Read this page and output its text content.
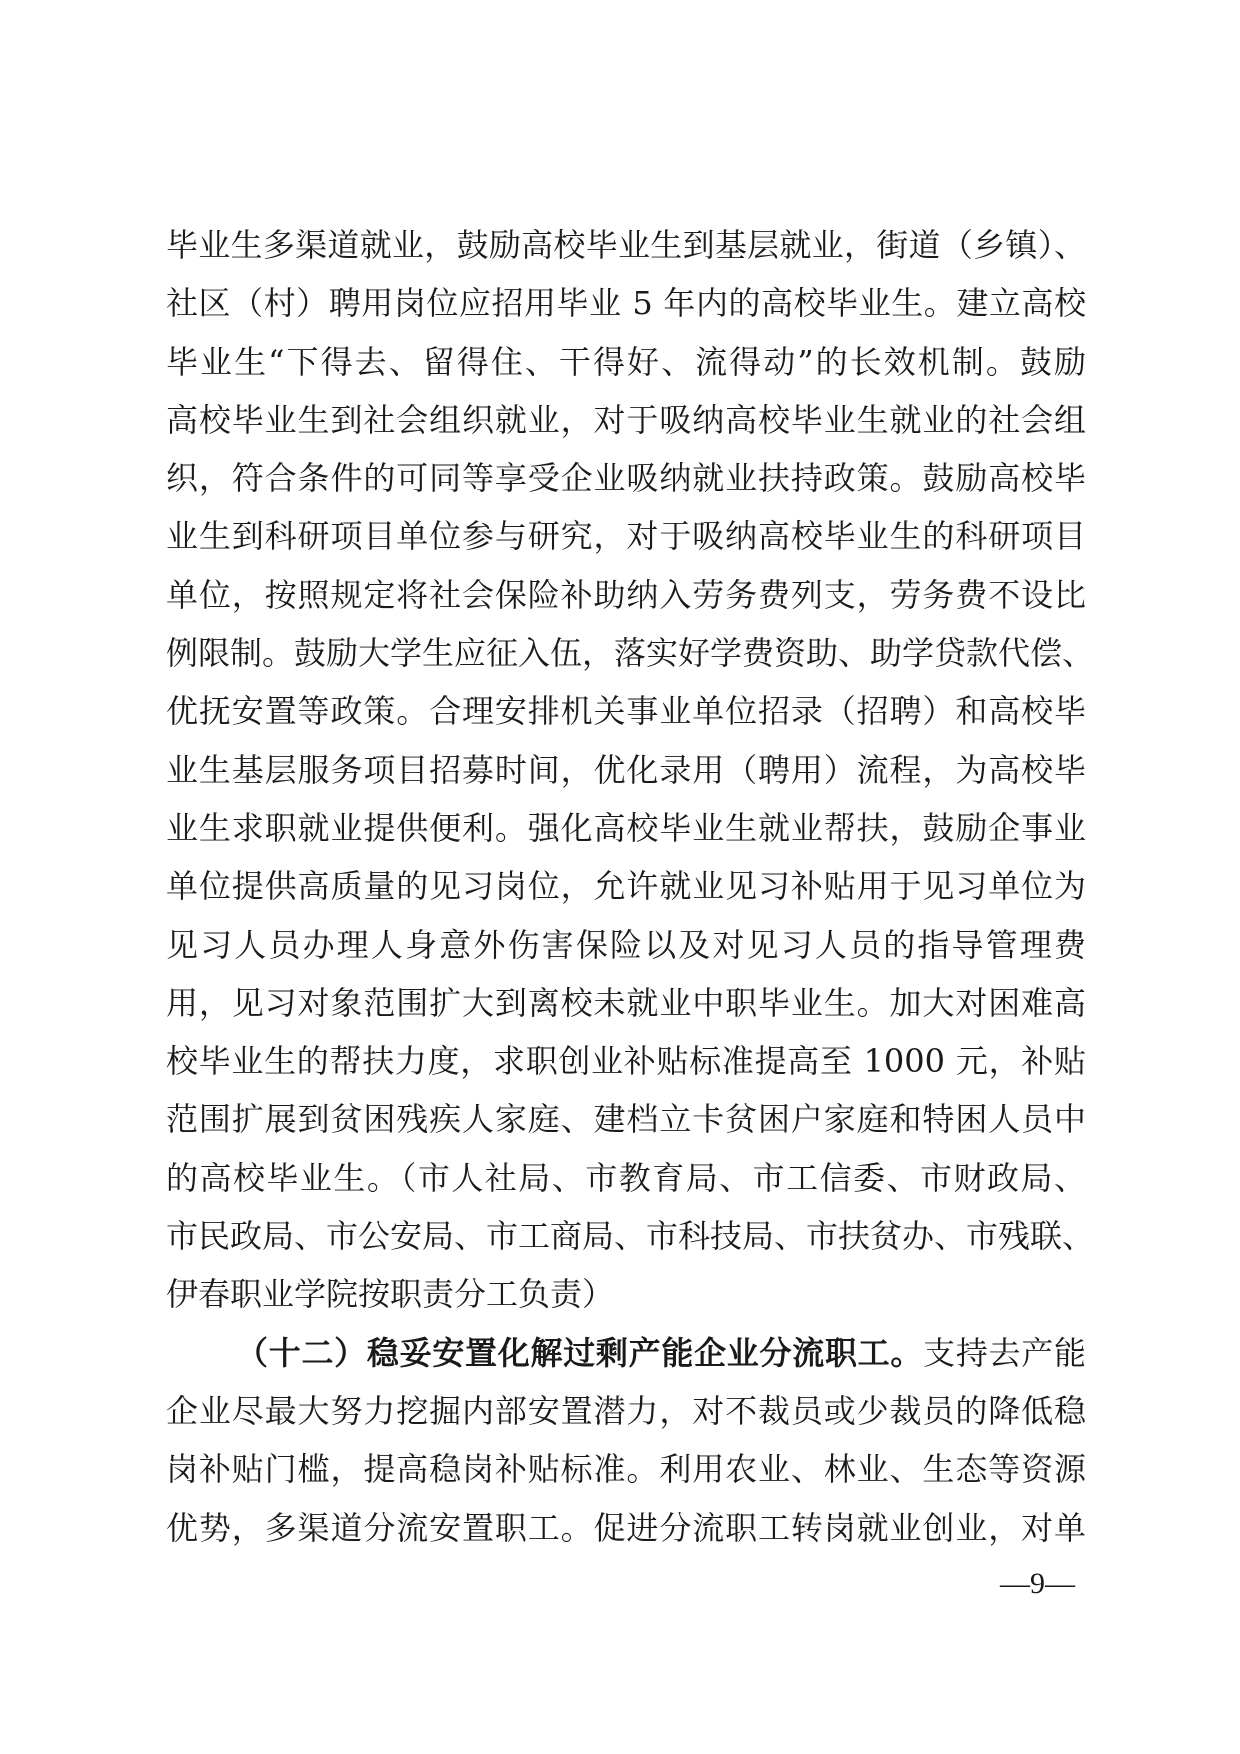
毕业生多渠道就业，鼓励高校毕业生到基层就业，街道（乡镇）、
社区（村）聘用岗位应招用毕业 5 年内的高校毕业生。建立高校
毕业生“下得去、留得住、干得好、流得动”的长效机制。鼓励
高校毕业生到社会组织就业，对于吸纳高校毕业生就业的社会组
织，符合条件的可同等享受企业吸纳就业扶持政策。鼓励高校毕
业生到科研项目单位参与研究，对于吸纳高校毕业生的科研项目
单位，按照规定将社会保险补助纳入劳务费列支，劳务费不设比
例限制。鼓励大学生应征入伍，落实好学费资助、助学贷款代偿、
优抚安置等政策。合理安排机关事业单位招录（招聘）和高校毕
业生基层服务项目招募时间，优化录用（聘用）流程，为高校毕
业生求职就业提供便利。强化高校毕业生就业帮扶，鼓励企事业
单位提供高质量的见习岗位，允许就业见习补贴用于见习单位为
见习人员办理人身意外伤害保险以及对见习人员的指导管理费
用，见习对象范围扩大到离校未就业中职毕业生。加大对困难高
校毕业生的帮扶力度，求职创业补贴标准提高至 1000 元，补贴
范围扩展到贫困残疾人家庭、建档立卡贫困户家庭和特困人员中
的高校毕业生。（市人社局、市教育局、市工信委、市财政局、
市民政局、市公安局、市工商局、市科技局、市扶贫办、市残联、
伊春职业学院按职责分工负责）
（十二）稳妥安置化解过剩产能企业分流职工。支持去产能
企业尽最大努力挖掘内部安置潜力，对不裁员或少裁员的降低稳
岗补贴门槛，提高稳岗补贴标准。利用农业、林业、生态等资源
优势，多渠道分流安置职工。促进分流职工转岗就业创业，对单
—9—
